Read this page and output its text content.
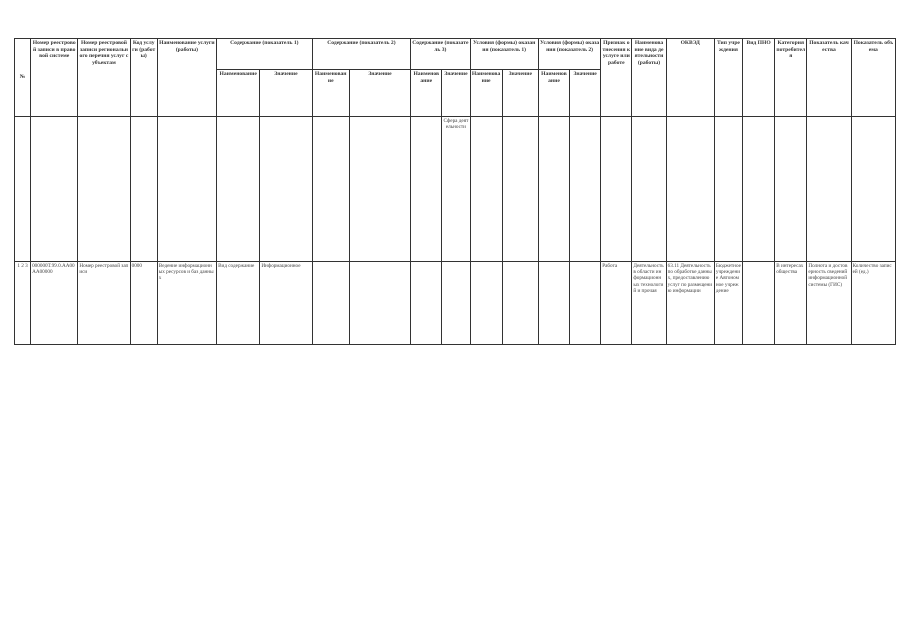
№	Номер реестровой записи в правовой системе	Номер реестровой записи регионального перечня услуг субъектам	Код услуги (работы)	Наименование услуги (работы)	Содержание (показатель 1)		Содержание (показатель 2)		Содержание (показатель 3)		Условия (формы) оказания (показатель 1)		Условия (формы) оказания (показатель 2)		Признак отнесения к услуге или работе	Наименование вида деятельности (работы)	ОКВЭД	Тип учреждения	Вид ПНО	Категория потребителя	Показатель качества	Показатель объема
					Наименование	Значение	Наименование	Значение	Наименование	Значение	Наименование	Значение	Наименование	Значение								
										Сфера деятельности												
1 2 3	000000Т.99.0.АА00АА00000	Номер реестровой записи	0000	Ведение информационных ресурсов и баз данных	Вид содержание	Информационное									Работа	Деятельность в области информационных технологий и прочая	63.11 Деятельность по обработке данных, предоставлению услуг по размещению информации	Бюджетное учреждение Автономное учреждение		В интересах общества	Полнота и достоверность сведений информационной системы (ГИС)	Количество записей (ед.)
